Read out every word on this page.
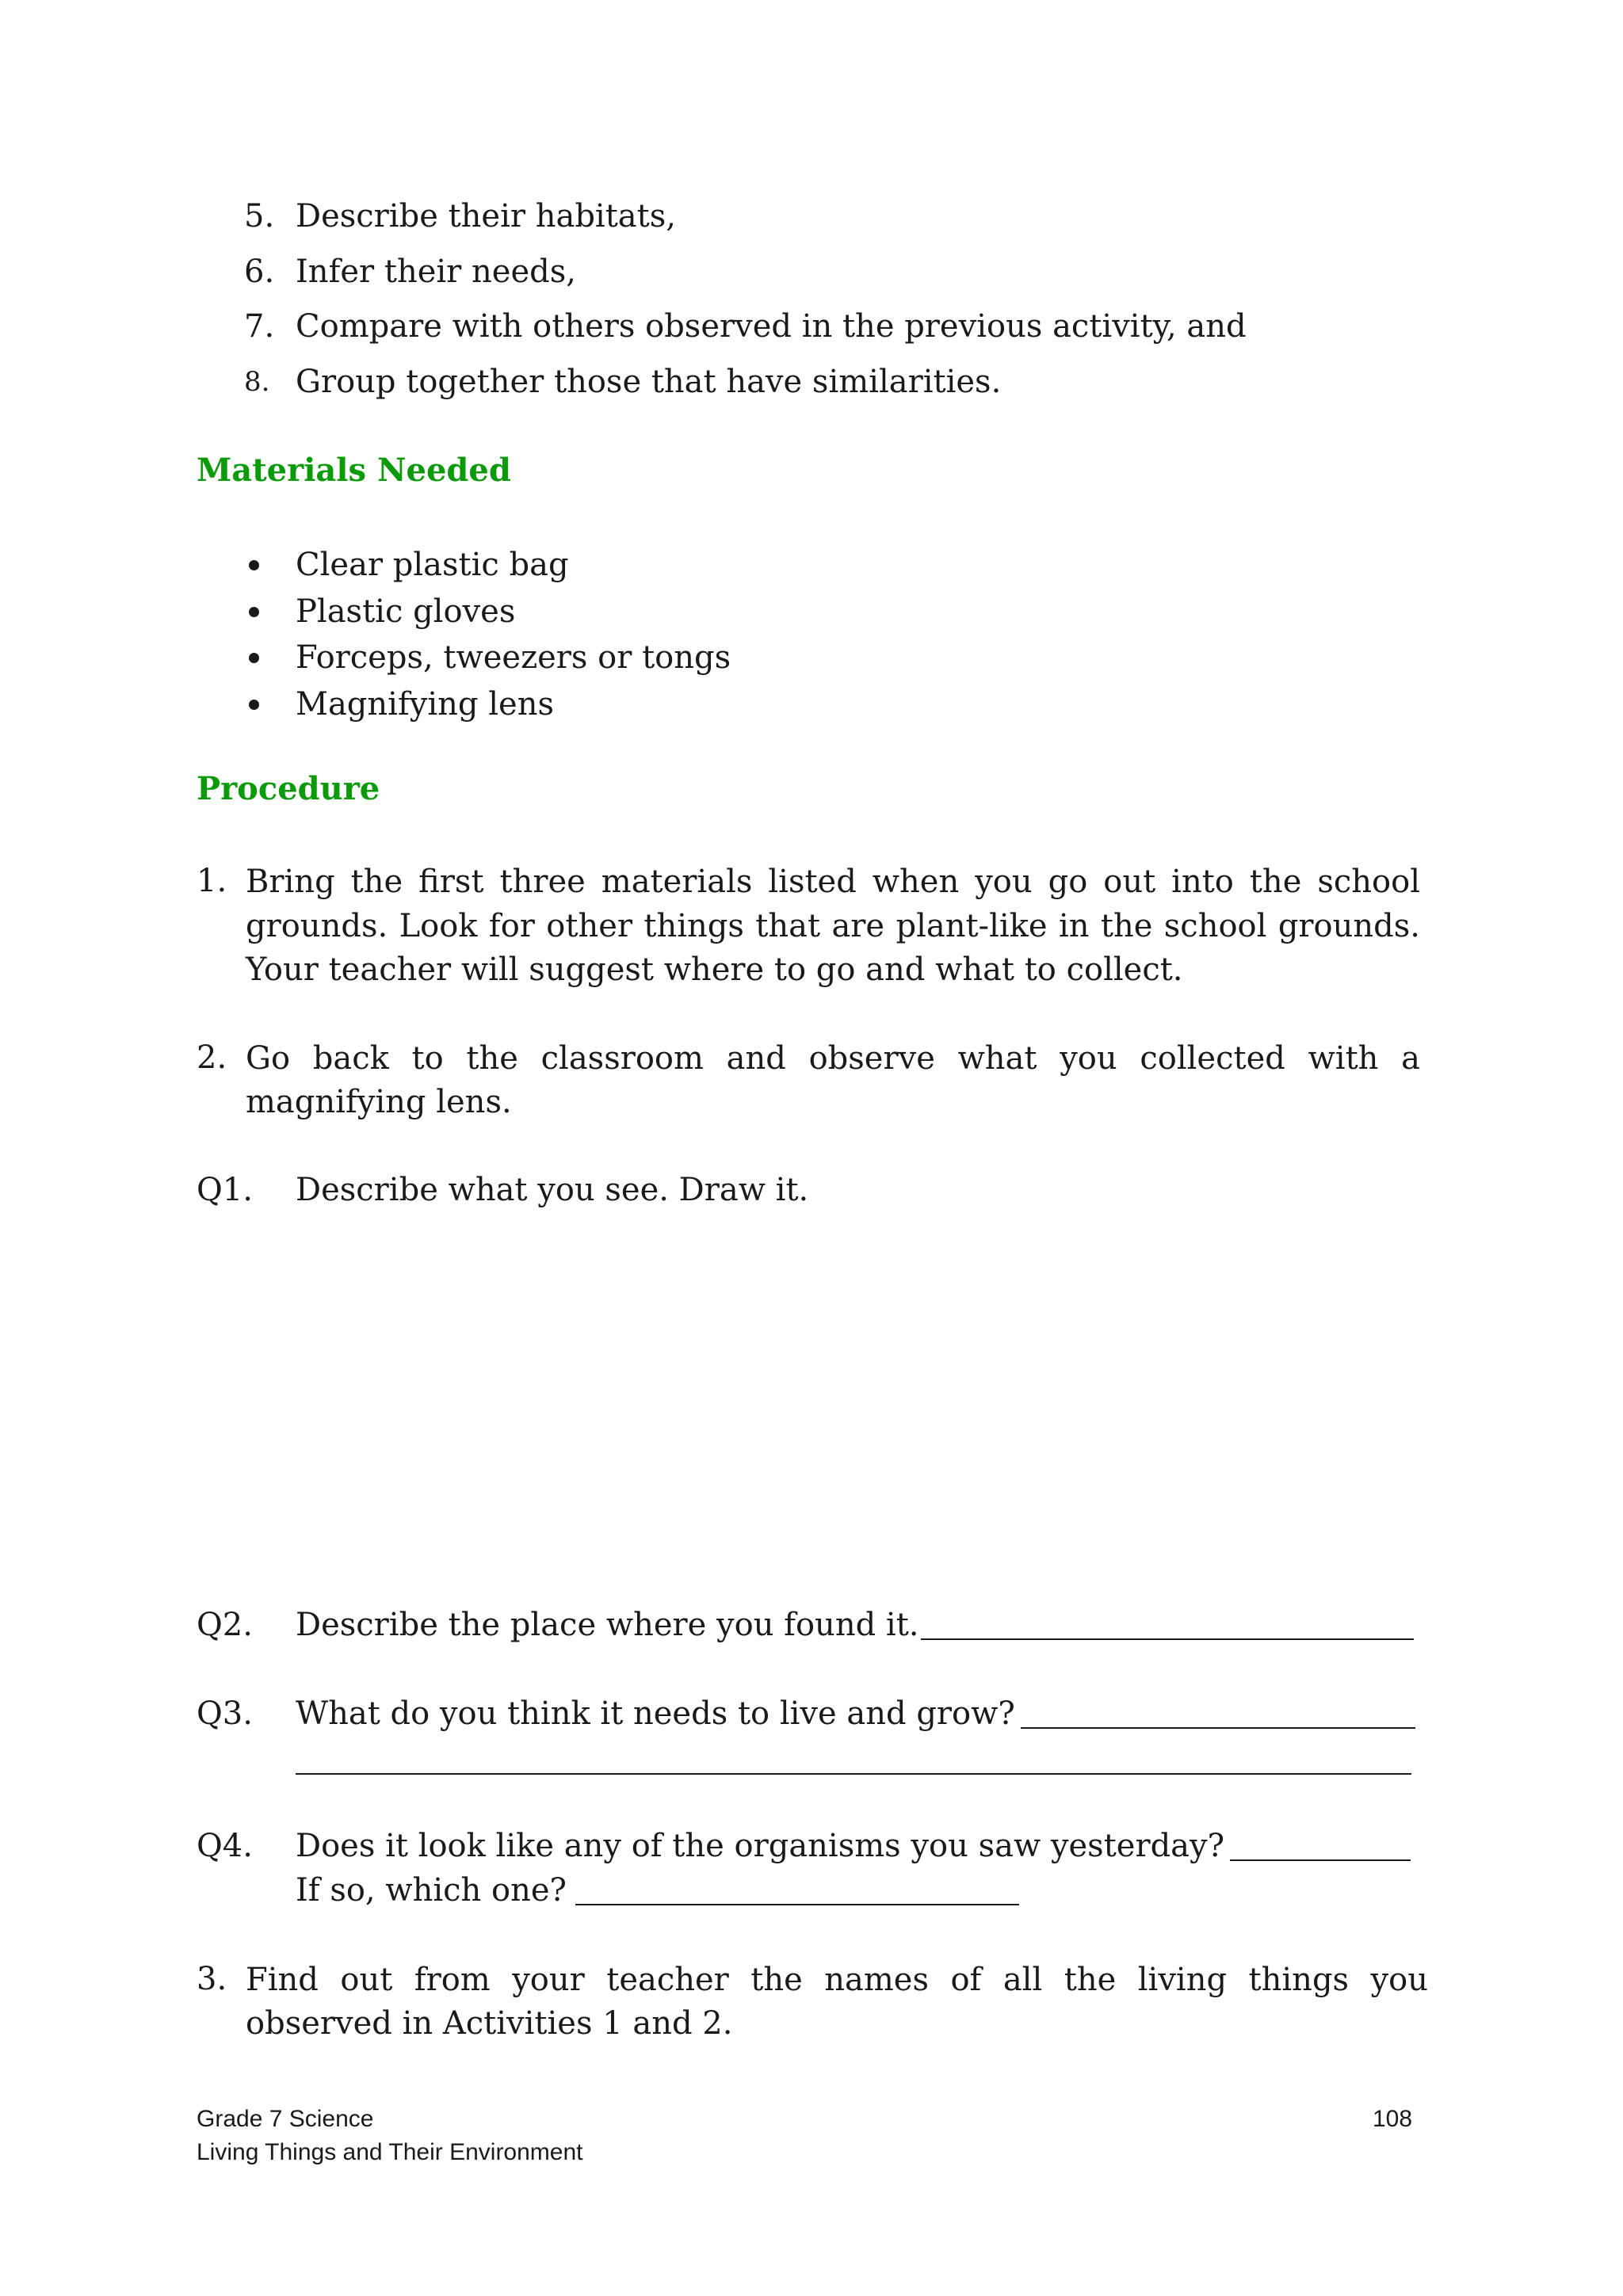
5. Describe their habitats,
6. Infer their needs,
7. Compare with others observed in the previous activity, and
8. Group together those that have similarities.
Materials Needed
Clear plastic bag
Plastic gloves
Forceps, tweezers or tongs
Magnifying lens
Procedure
1. Bring the first three materials listed when you go out into the school
grounds. Look for other things that are plant-like in the school grounds.
Your teacher will suggest where to go and what to collect.
2. Go back to the classroom and observe what you collected with a
magnifying lens.
Q1. Describe what you see. Draw it.
Q2. Describe the place where you found it.
Q3. What do you think it needs to live and grow?
Q4. Does it look like any of the organisms you saw yesterday?
If so, which one?
3. Find out from your teacher the names of all the living things you
observed in Activities 1 and 2.
Grade 7 Science
Living Things and Their Environment
108
